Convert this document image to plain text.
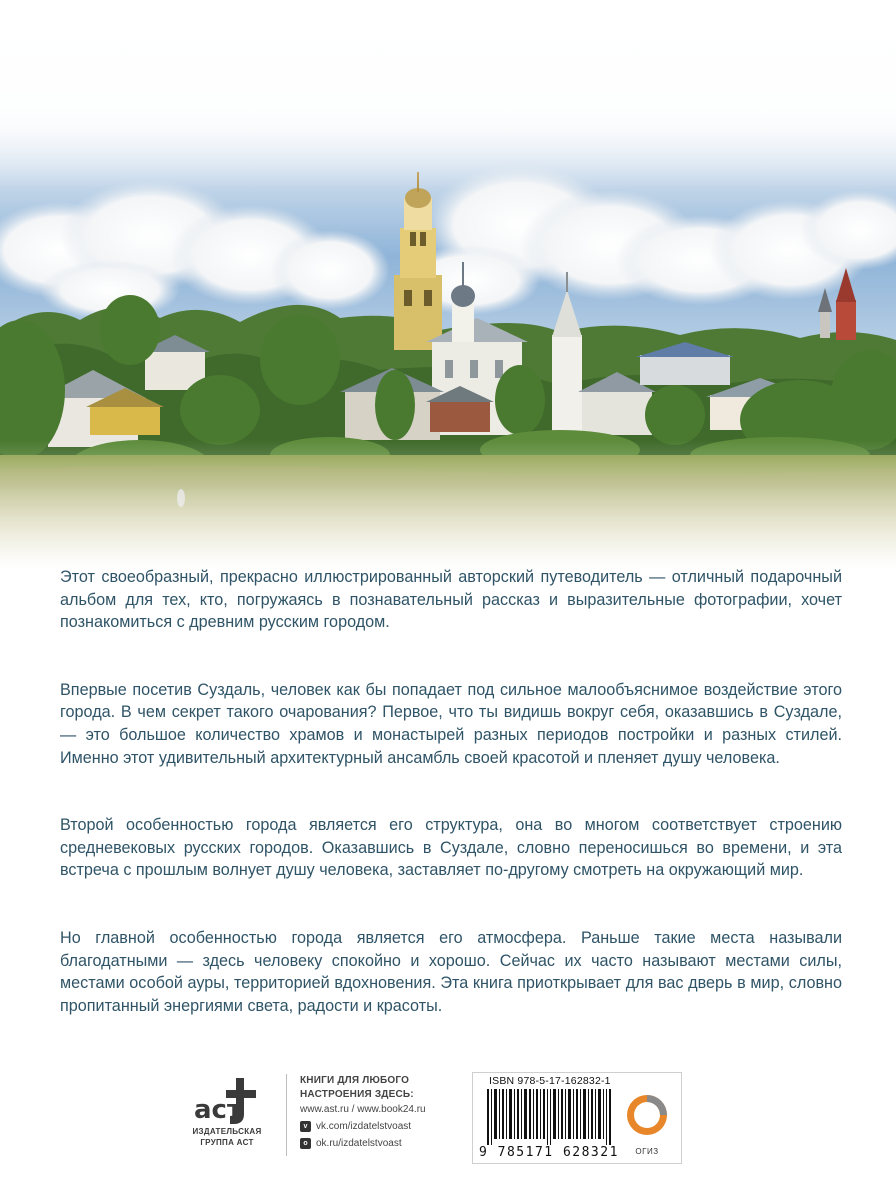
Этот своеобразный, прекрасно иллюстрированный авторский путеводитель — отличный подарочный альбом для тех, кто, погружаясь в познавательный рассказ и выразительные фотографии, хочет познакомиться с древним русским городом.

Впервые посетив Суздаль, человек как бы попадает под сильное малообъяснимое воздействие этого города. В чем секрет такого очарования? Первое, что ты видишь вокруг себя, оказавшись в Суздале, — это большое количество храмов и монастырей разных периодов постройки и разных стилей. Именно этот удивительный архитектурный ансамбль своей красотой и пленяет душу человека.

Второй особенностью города является его структура, она во многом соответствует строению средневековых русских городов. Оказавшись в Суздале, словно переносишься во времени, и эта встреча с прошлым волнует душу человека, заставляет по-другому смотреть на окружающий мир.

Но главной особенностью города является его атмосфера. Раньше такие места называли благодатными — здесь человеку спокойно и хорошо. Сейчас их часто называют местами силы, местами особой ауры, территорией вдохновения. Эта книга приоткрывает для вас дверь в мир, словно пропитанный энергиями света, радости и красоты.

аст
ИЗДАТЕЛЬСКАЯ
ГРУППА АСТ
КНИГИ ДЛЯ ЛЮБОГО
НАСТРОЕНИЯ ЗДЕСЬ:
www.ast.ru / www.book24.ru
v vk.com/izdatelstvoast
o ok.ru/izdatelstvoast
ISBN 978-5-17-162832-1
9 785171 628321	ОГИЗ
